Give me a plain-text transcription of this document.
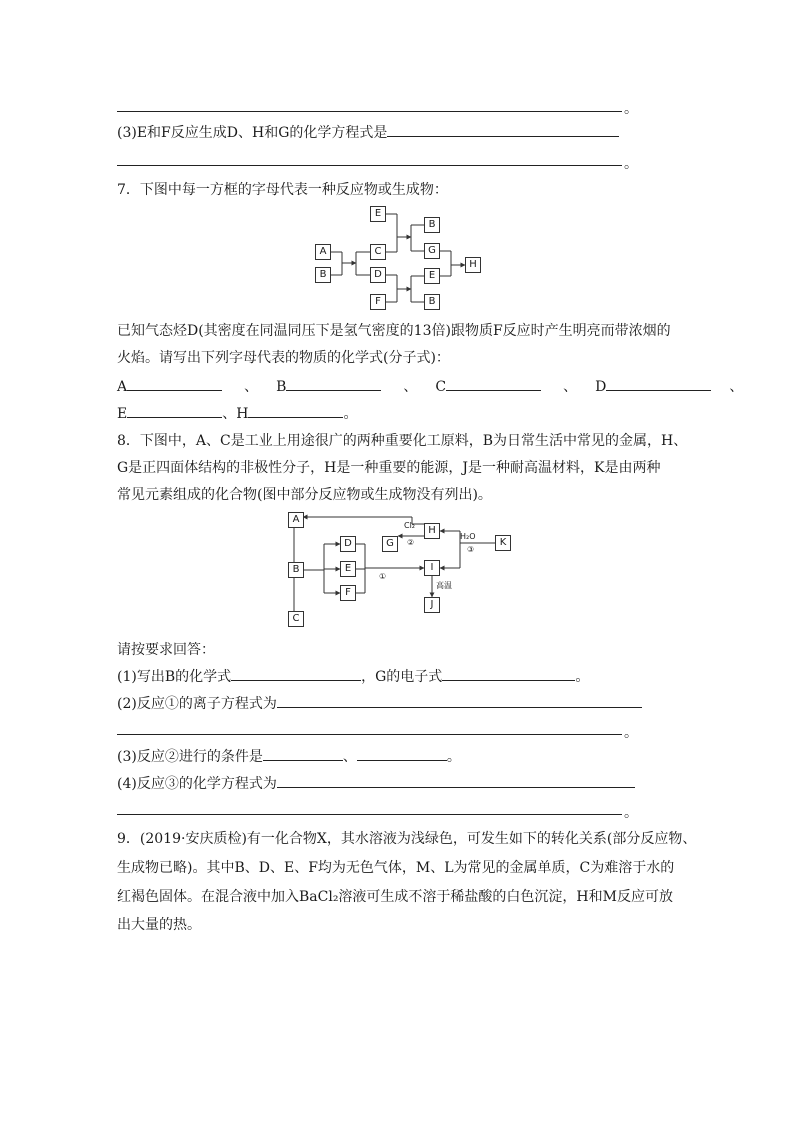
。
(3)E和F反应生成D、H和G的化学方程式是
。
7．下图中每一方框的字母代表一种反应物或生成物：
E
B
A	C	G
H
B	D	E
F	B
已知气态烃D(其密度在同温同压下是氢气密度的13倍)跟物质F反应时产生明亮而带浓烟的
火焰。请写出下列字母代表的物质的化学式(分子式)：
A	、 B	、 C	、 D	、
E	、H	。
8．下图中，A、C是工业上用途很广的两种重要化工原料，B为日常生活中常见的金属，H、
G是正四面体结构的非极性分子，H是一种重要的能源，J是一种耐高温材料，K是由两种
常见元素组成的化合物(图中部分反应物或生成物没有列出)。
A
D	G
H
K
B	E	I
F
C
J
Cl₂
②
H₂O
③
①
高温
请按要求回答：
(1)写出B的化学式	，G的电子式	。
(2)反应①的离子方程式为
。
(3)反应②进行的条件是	、	。
(4)反应③的化学方程式为
。
9．(2019·安庆质检)有一化合物X，其水溶液为浅绿色，可发生如下的转化关系(部分反应物、
生成物已略)。其中B、D、E、F均为无色气体，M、L为常见的金属单质，C为难溶于水的
红褐色固体。在混合液中加入BaCl₂溶液可生成不溶于稀盐酸的白色沉淀，H和M反应可放
出大量的热。
